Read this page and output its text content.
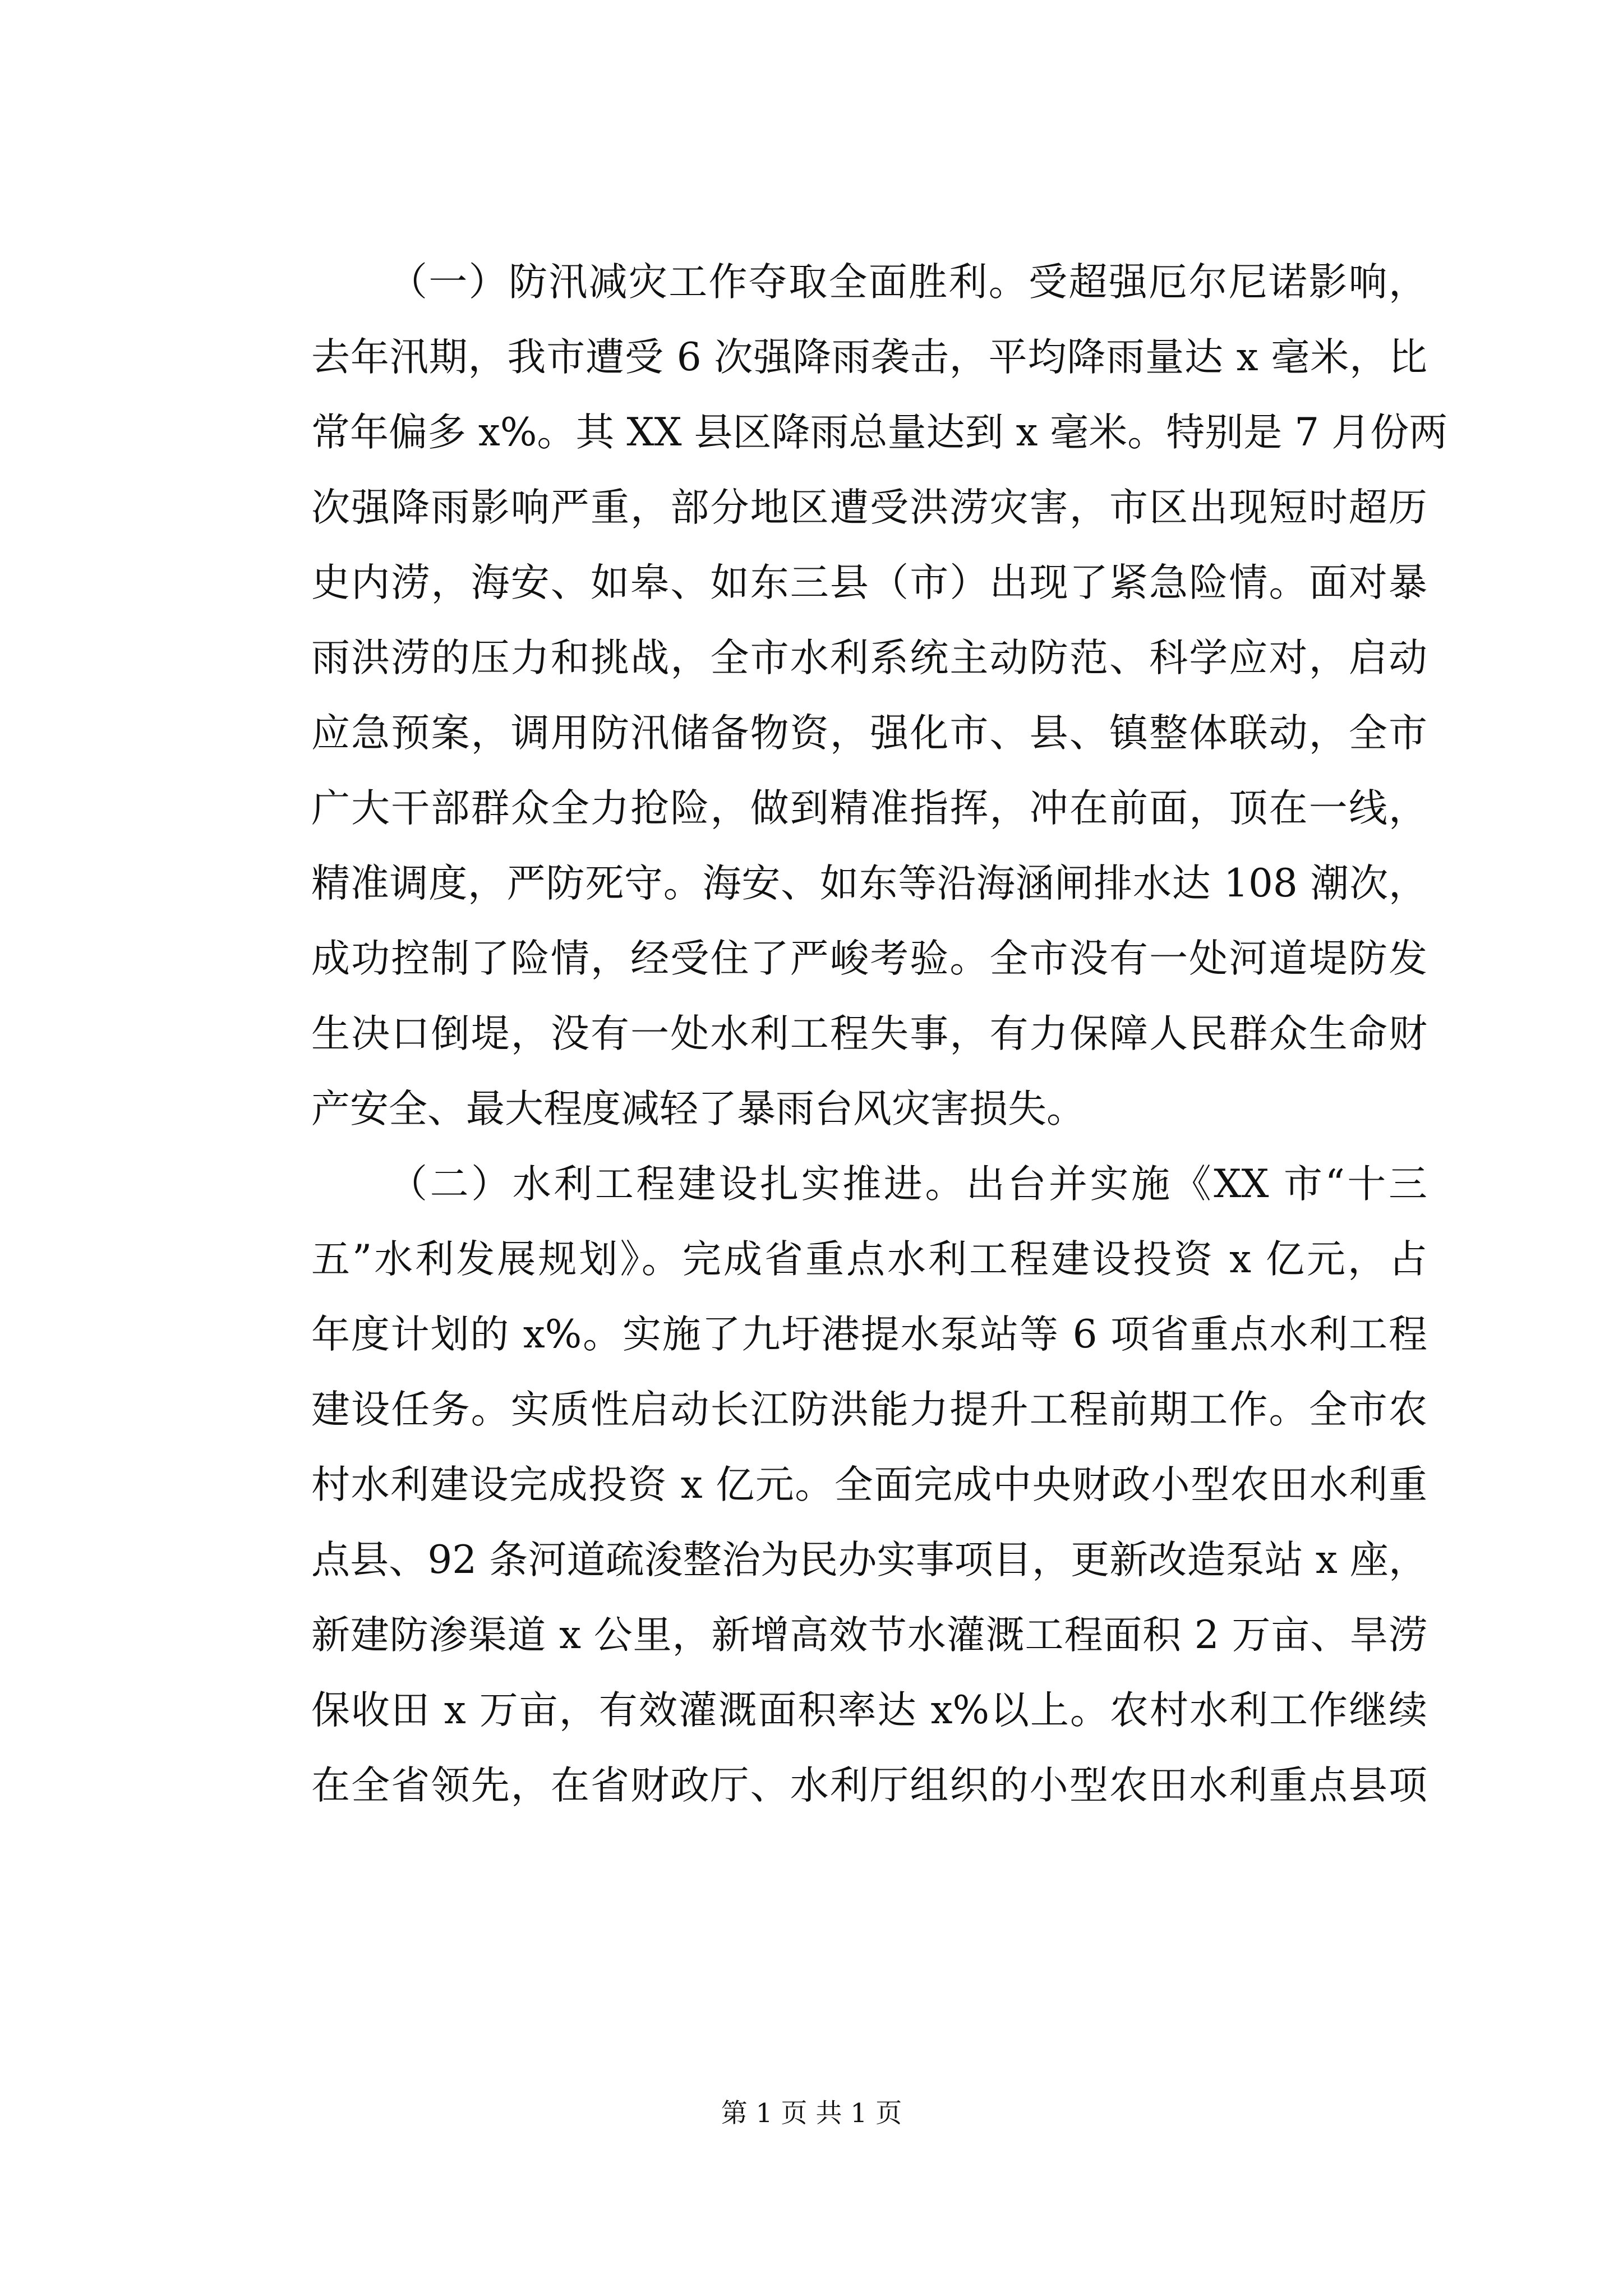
（一）防汛减灾工作夺取全面胜利。受超强厄尔尼诺影响，
去年汛期，我市遭受 6 次强降雨袭击，平均降雨量达 x 毫米，比
常年偏多 x%。其 XX 县区降雨总量达到 x 毫米。特别是 7 月份两
次强降雨影响严重，部分地区遭受洪涝灾害，市区出现短时超历
史内涝，海安、如皋、如东三县（市）出现了紧急险情。面对暴
雨洪涝的压力和挑战，全市水利系统主动防范、科学应对，启动
应急预案，调用防汛储备物资，强化市、县、镇整体联动，全市
广大干部群众全力抢险，做到精准指挥，冲在前面，顶在一线，
精准调度，严防死守。海安、如东等沿海涵闸排水达 108 潮次，
成功控制了险情，经受住了严峻考验。全市没有一处河道堤防发
生决口倒堤，没有一处水利工程失事，有力保障人民群众生命财
产安全、最大程度减轻了暴雨台风灾害损失。
（二）水利工程建设扎实推进。出台并实施《XX 市“十三
五”水利发展规划》。完成省重点水利工程建设投资 x 亿元，占
年度计划的 x%。实施了九圩港提水泵站等 6 项省重点水利工程
建设任务。实质性启动长江防洪能力提升工程前期工作。全市农
村水利建设完成投资 x 亿元。全面完成中央财政小型农田水利重
点县、92 条河道疏浚整治为民办实事项目，更新改造泵站 x 座，
新建防渗渠道 x 公里，新增高效节水灌溉工程面积 2 万亩、旱涝
保收田 x 万亩，有效灌溉面积率达 x%以上。农村水利工作继续
在全省领先，在省财政厅、水利厅组织的小型农田水利重点县项
第 1 页 共 1 页
